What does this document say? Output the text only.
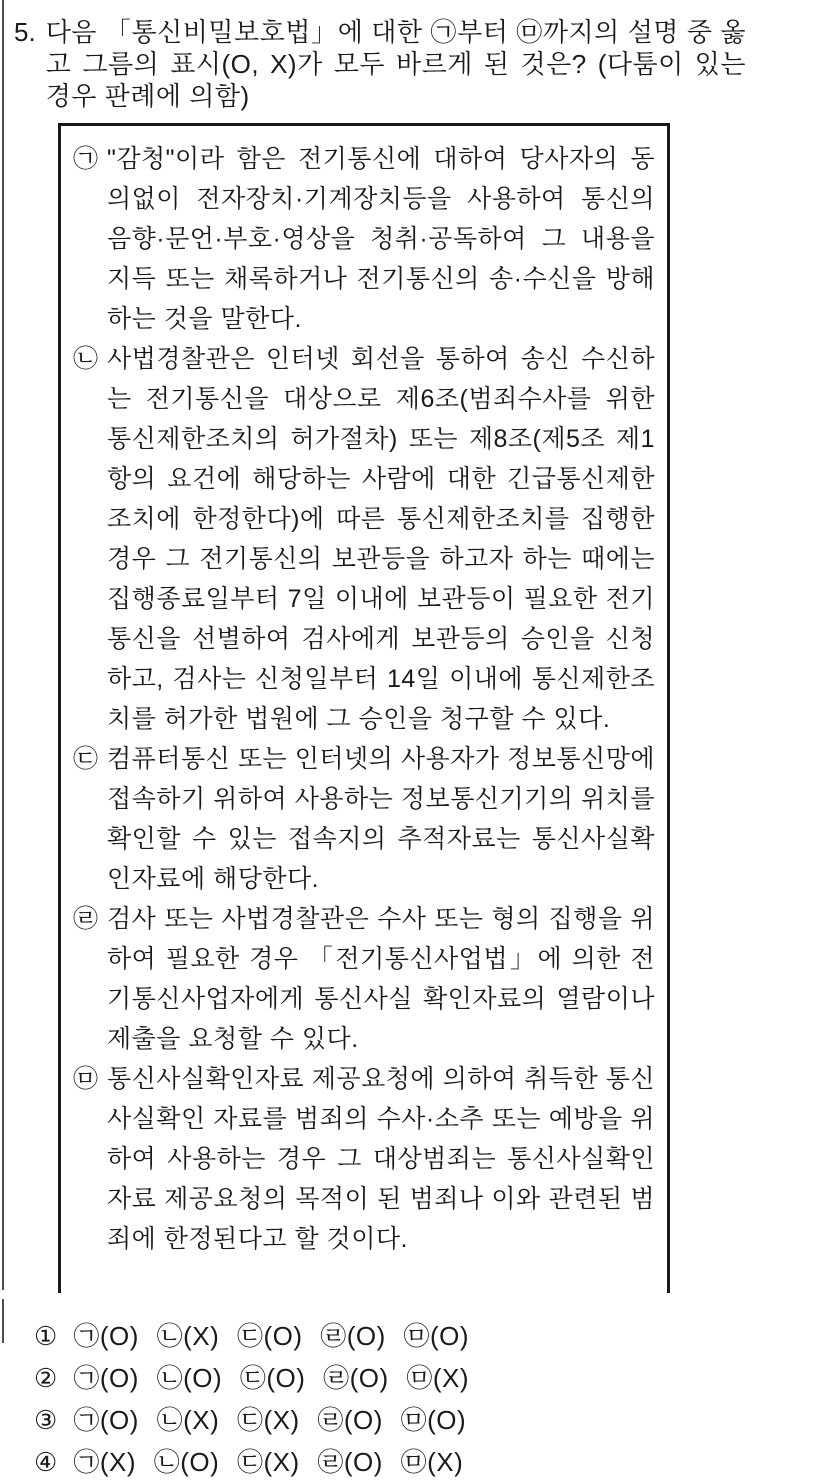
5. 다음 「통신비밀보호법」에 대한 ㉠부터 ㉤까지의 설명 중 옳고 그름의 표시(O, X)가 모두 바르게 된 것은? (다툼이 있는 경우 판례에 의함)
㉠ "감청"이라 함은 전기통신에 대하여 당사자의 동의없이 전자장치·기계장치등을 사용하여 통신의 음향·문언·부호·영상을 청취·공독하여 그 내용을 지득 또는 채록하거나 전기통신의 송·수신을 방해하는 것을 말한다.
㉡ 사법경찰관은 인터넷 회선을 통하여 송신 수신하는 전기통신을 대상으로 제6조(범죄수사를 위한 통신제한조치의 허가절차) 또는 제8조(제5조 제1항의 요건에 해당하는 사람에 대한 긴급통신제한조치에 한정한다)에 따른 통신제한조치를 집행한 경우 그 전기통신의 보관등을 하고자 하는 때에는 집행종료일부터 7일 이내에 보관등이 필요한 전기통신을 선별하여 검사에게 보관등의 승인을 신청하고, 검사는 신청일부터 14일 이내에 통신제한조치를 허가한 법원에 그 승인을 청구할 수 있다.
㉢ 컴퓨터통신 또는 인터넷의 사용자가 정보통신망에 접속하기 위하여 사용하는 정보통신기기의 위치를 확인할 수 있는 접속지의 추적자료는 통신사실확인자료에 해당한다.
㉣ 검사 또는 사법경찰관은 수사 또는 형의 집행을 위하여 필요한 경우 「전기통신사업법」에 의한 전기통신사업자에게 통신사실 확인자료의 열람이나 제출을 요청할 수 있다.
㉤ 통신사실확인자료 제공요청에 의하여 취득한 통신사실확인 자료를 범죄의 수사·소추 또는 예방을 위하여 사용하는 경우 그 대상범죄는 통신사실확인자료 제공요청의 목적이 된 범죄나 이와 관련된 범죄에 한정된다고 할 것이다.
① ㉠(O) ㉡(X) ㉢(O) ㉣(O) ㉤(O)
② ㉠(O) ㉡(O) ㉢(O) ㉣(O) ㉤(X)
③ ㉠(O) ㉡(X) ㉢(X) ㉣(O) ㉤(O)
④ ㉠(X) ㉡(O) ㉢(X) ㉣(O) ㉤(X)
